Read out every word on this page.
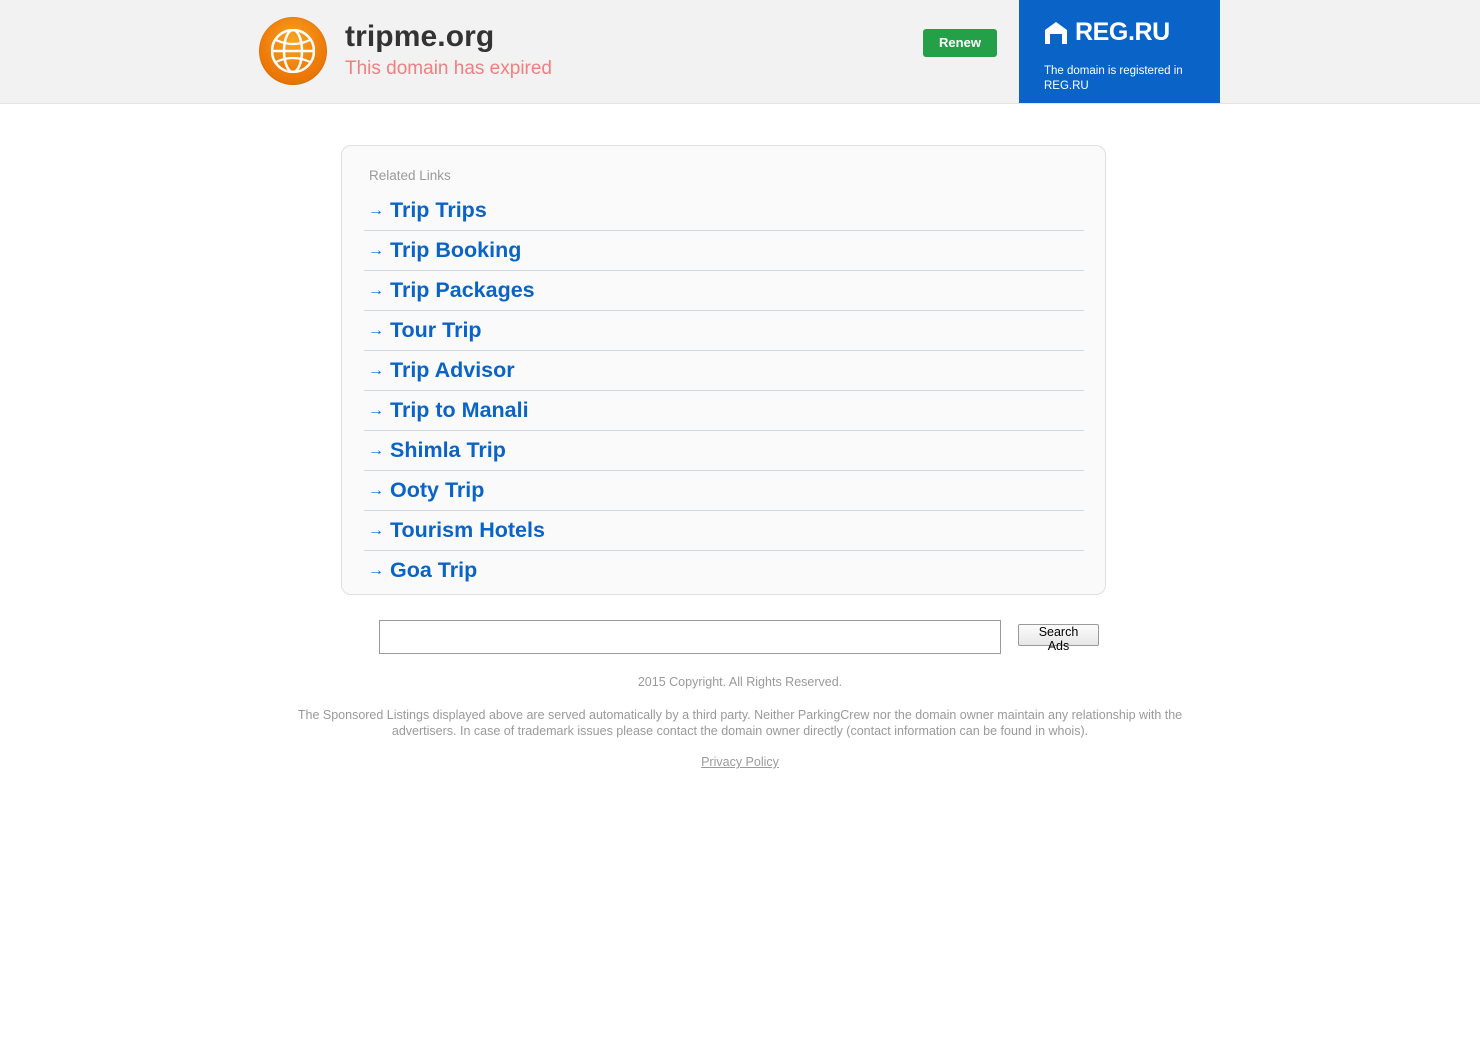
tripme.org
This domain has expired
Renew	REG.RU
The domain is registered in REG.RU
Related Links
→ Trip Trips
→ Trip Booking
→ Trip Packages
→ Tour Trip
→ Trip Advisor
→ Trip to Manali
→ Shimla Trip
→ Ooty Trip
→ Tourism Hotels
→ Goa Trip
Search Ads
2015 Copyright. All Rights Reserved.
The Sponsored Listings displayed above are served automatically by a third party. Neither ParkingCrew nor the domain owner maintain any relationship with the advertisers. In case of trademark issues please contact the domain owner directly (contact information can be found in whois).
Privacy Policy
